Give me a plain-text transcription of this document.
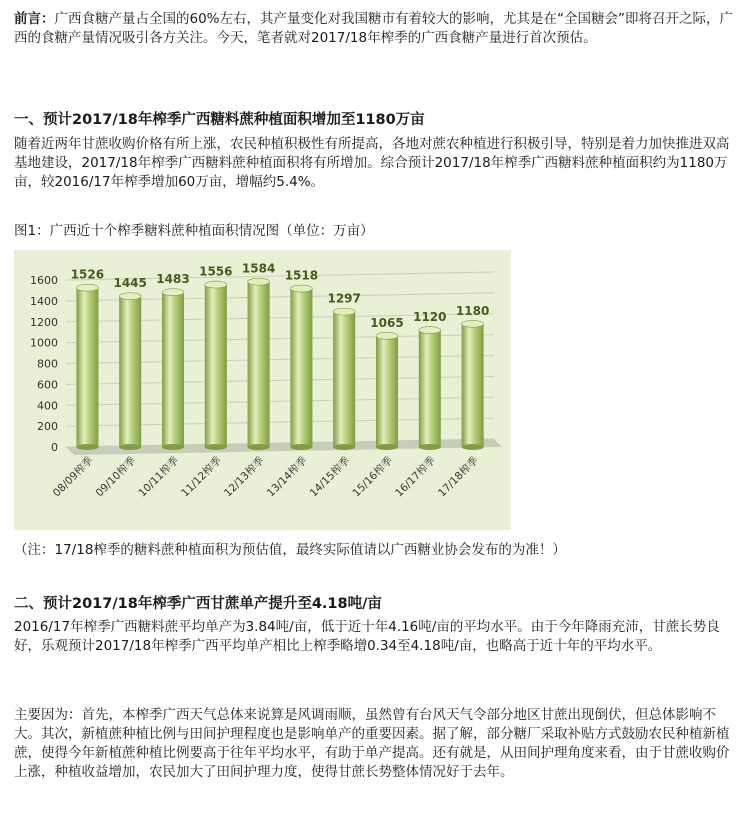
前言：广西食糖产量占全国的60%左右，其产量变化对我国糖市有着较大的影响，尤其是在“全国糖会”即将召开之际，广西的食糖产量情况吸引各方关注。今天，笔者就对2017/18年榨季的广西食糖产量进行首次预估。

一、预计2017/18年榨季广西糖料蔗种植面积增加至1180万亩

随着近两年甘蔗收购价格有所上涨，农民种植积极性有所提高，各地对蔗农种植进行积极引导，特别是着力加快推进双高基地建设，2017/18年榨季广西糖料蔗种植面积将有所增加。综合预计2017/18年榨季广西糖料蔗种植面积约为1180万亩，较2016/17年榨季增加60万亩，增幅约5.4%。

图1：广西近十个榨季糖料蔗种植面积情况图（单位：万亩）

0
200
400
600
800
1000
1200
1400
1600 1526
08/09榨季
1445
09/10榨季
1483
10/11榨季
1556
11/12榨季
1584
12/13榨季
1518
13/14榨季
1297
14/15榨季
1065
15/16榨季
1120
16/17榨季
1180
17/18榨季

（注：17/18榨季的糖料蔗种植面积为预估值，最终实际值请以广西糖业协会发布的为准！）

二、预计2017/18年榨季广西甘蔗单产提升至4.18吨/亩

2016/17年榨季广西糖料蔗平均单产为3.84吨/亩，低于近十年4.16吨/亩的平均水平。由于今年降雨充沛，甘蔗长势良好，乐观预计2017/18年榨季广西平均单产相比上榨季略增0.34至4.18吨/亩，也略高于近十年的平均水平。

主要因为：首先，本榨季广西天气总体来说算是风调雨顺，虽然曾有台风天气令部分地区甘蔗出现倒伏，但总体影响不大。其次，新植蔗种植比例与田间护理程度也是影响单产的重要因素。据了解，部分糖厂采取补贴方式鼓励农民种植新植蔗，使得今年新植蔗种植比例要高于往年平均水平，有助于单产提高。还有就是，从田间护理角度来看，由于甘蔗收购价上涨，种植收益增加，农民加大了田间护理力度，使得甘蔗长势整体情况好于去年。
